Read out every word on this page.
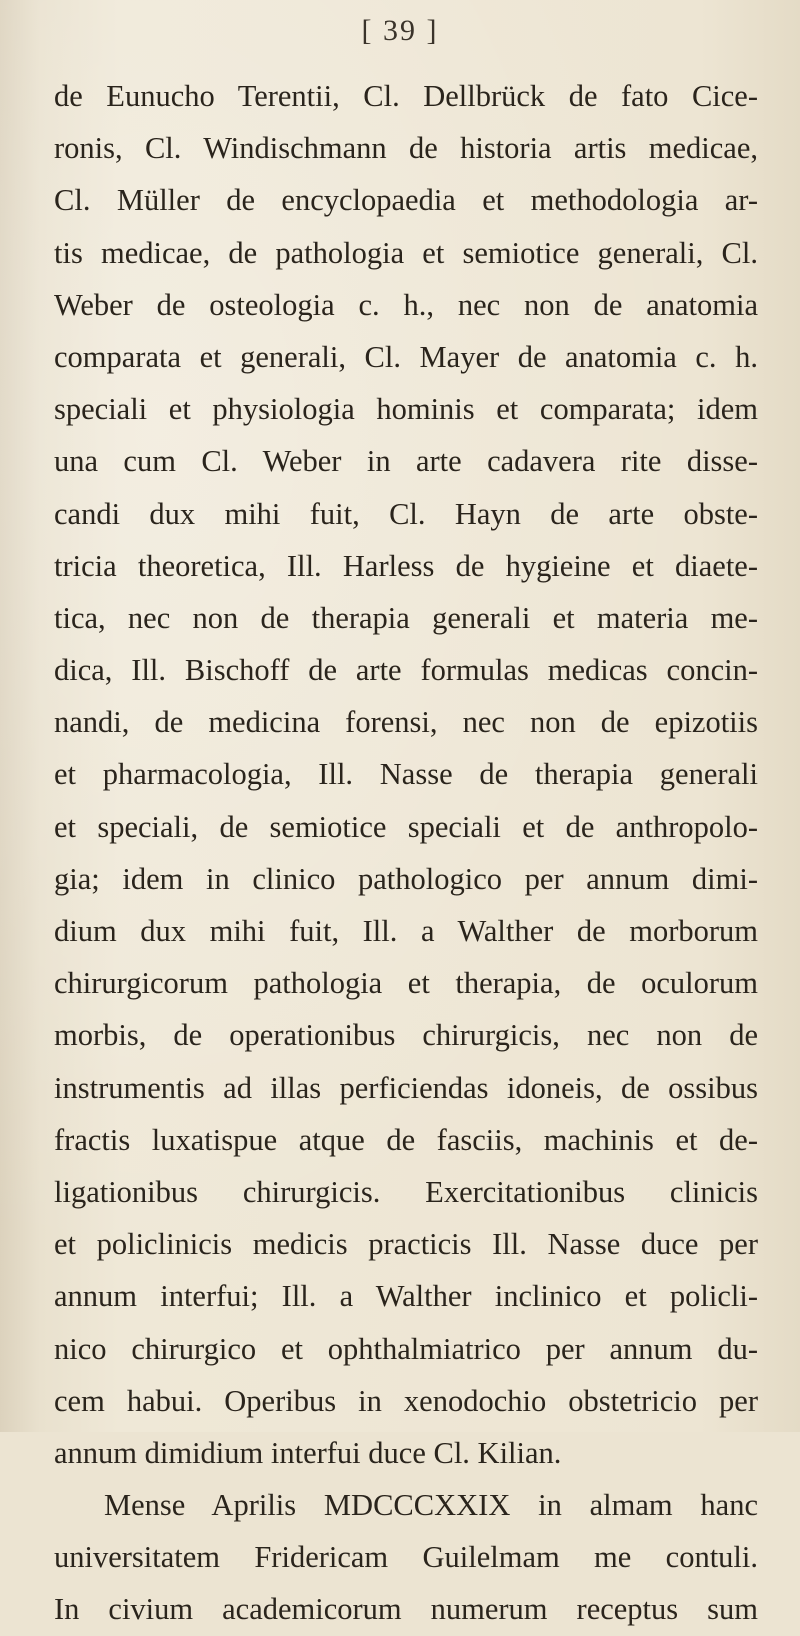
[ 39 ]
de Eunucho Terentii, Cl. Dellbrück de fato Cice-
ronis, Cl. Windischmann de historia artis medicae,
Cl. Müller de encyclopaedia et methodologia ar-
tis medicae, de pathologia et semiotice generali, Cl.
Weber de osteologia c. h., nec non de anatomia
comparata et generali, Cl. Mayer de anatomia c. h.
speciali et physiologia hominis et comparata; idem
una cum Cl. Weber in arte cadavera rite disse-
candi dux mihi fuit, Cl. Hayn de arte obste-
tricia theoretica, Ill. Harless de hygieine et diaete-
tica, nec non de therapia generali et materia me-
dica, Ill. Bischoff de arte formulas medicas concin-
nandi, de medicina forensi, nec non de epizotiis
et pharmacologia, Ill. Nasse de therapia generali
et speciali, de semiotice speciali et de anthropolo-
gia; idem in clinico pathologico per annum dimi-
dium dux mihi fuit, Ill. a Walther de morborum
chirurgicorum pathologia et therapia, de oculorum
morbis, de operationibus chirurgicis, nec non de
instrumentis ad illas perficiendas idoneis, de ossibus
fractis luxatispue atque de fasciis, machinis et de-
ligationibus chirurgicis. Exercitationibus clinicis
et policlinicis medicis practicis Ill. Nasse duce per
annum interfui; Ill. a Walther inclinico et policli-
nico chirurgico et ophthalmiatrico per annum du-
cem habui. Operibus in xenodochio obstetricio per
annum dimidium interfui duce Cl. Kilian.
Mense Aprilis MDCCCXXIX in almam hanc
universitatem Fridericam Guilelmam me contuli.
In civium academicorum numerum receptus sum
